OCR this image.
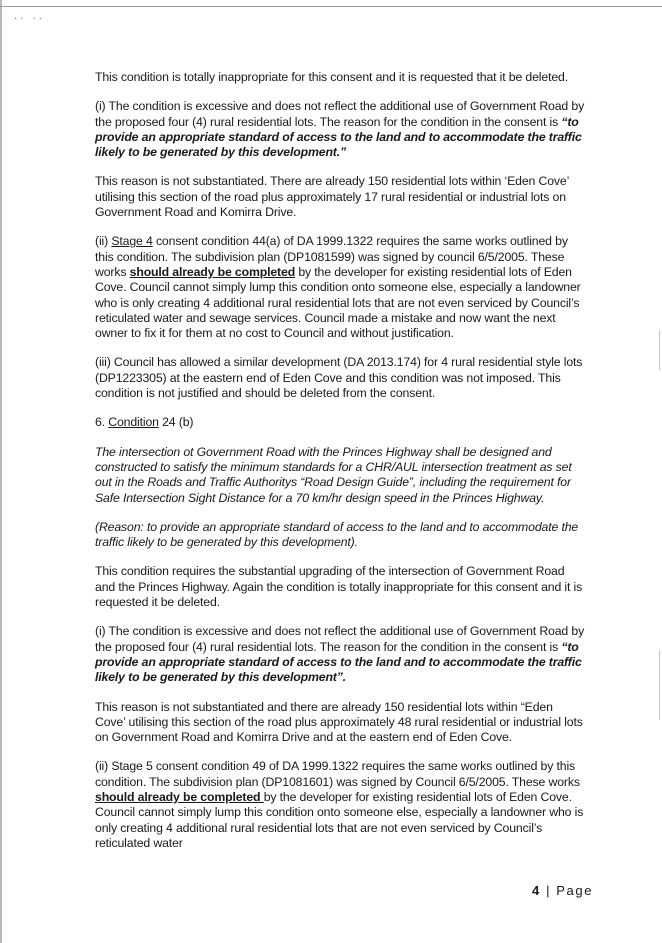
·· ··

This condition is totally inappropriate for this consent and it is requested that it be deleted.

(i) The condition is excessive and does not reflect the additional use of Government Road by the proposed four (4) rural residential lots. The reason for the condition in the consent is “to provide an appropriate standard of access to the land and to accommodate the traffic likely to be generated by this development.”

This reason is not substantiated. There are already 150 residential lots within ‘Eden Cove’ utilising this section of the road plus approximately 17 rural residential or industrial lots on Government Road and Komirra Drive.

(ii) Stage 4 consent condition 44(a) of DA 1999.1322 requires the same works outlined by this condition. The subdivision plan (DP1081599) was signed by council 6/5/2005. These works should already be completed by the developer for existing residential lots of Eden Cove. Council cannot simply lump this condition onto someone else, especially a landowner who is only creating 4 additional rural residential lots that are not even serviced by Council’s reticulated water and sewage services. Council made a mistake and now want the next owner to fix it for them at no cost to Council and without justification.

(iii) Council has allowed a similar development (DA 2013.174) for 4 rural residential style lots (DP1223305) at the eastern end of Eden Cove and this condition was not imposed. This condition is not justified and should be deleted from the consent.

6. Condition 24 (b)

The intersection ot Government Road with the Princes Highway shall be designed and constructed to satisfy the minimum standards for a CHR/AUL intersection treatment as set out in the Roads and Traffic Authoritys “Road Design Guide”, including the requirement for Safe Intersection Sight Distance for a 70 km/hr design speed in the Princes Highway.

(Reason: to provide an appropriate standard of access to the land and to accommodate the traffic likely to be generated by this development).

This condition requires the substantial upgrading of the intersection of Government Road and the Princes Highway. Again the condition is totally inappropriate for this consent and it is requested it be deleted.

(i) The condition is excessive and does not reflect the additional use of Government Road by the proposed four (4) rural residential lots. The reason for the condition in the consent is “to provide an appropriate standard of access to the land and to accommodate the traffic likely to be generated by this development”.

This reason is not substantiated and there are already 150 residential lots within “Eden Cove’ utilising this section of the road plus approximately 48 rural residential or industrial lots on Government Road and Komirra Drive and at the eastern end of Eden Cove.

(ii) Stage 5 consent condition 49 of DA 1999.1322 requires the same works outlined by this condition. The subdivision plan (DP1081601) was signed by Council 6/5/2005. These works should already be completed by the developer for existing residential lots of Eden Cove.
Council cannot simply lump this condition onto someone else, especially a landowner who is only creating 4 additional rural residential lots that are not even serviced by Council’s reticulated water

4 | Page
